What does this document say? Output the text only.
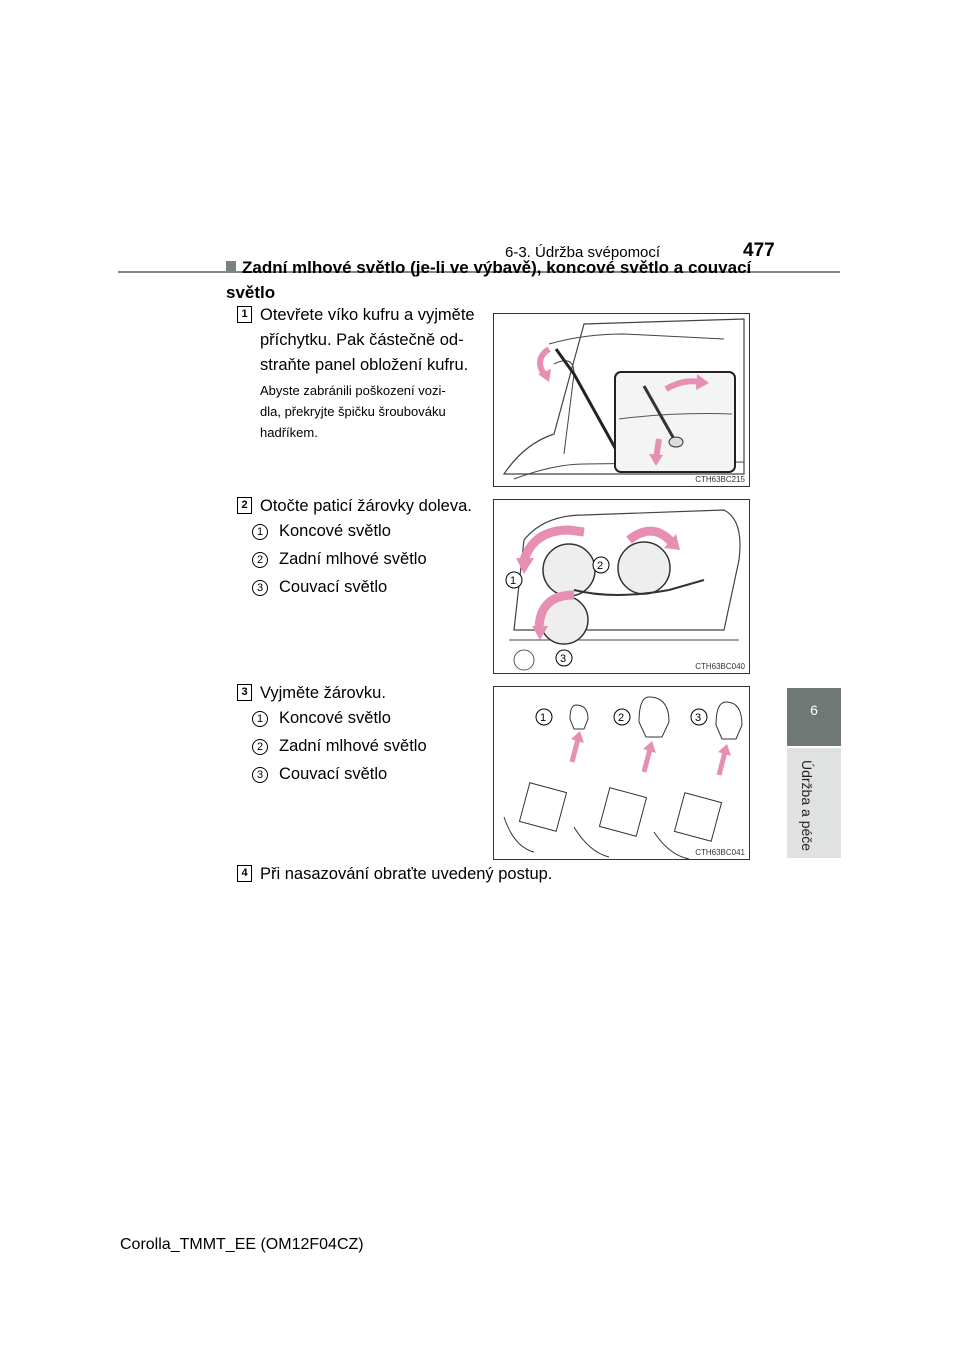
6-3. Údržba svépomocí	477
6
Údržba a péče
Zadní mlhové světlo (je-li ve výbavě), koncové světlo a couvací světlo
1 Otevřete víko kufru a vyjměte
příchytku. Pak částečně od-
straňte panel obložení kufru.
Abyste zabránili poškození vozi-
dla, překryjte špičku šroubováku
hadříkem.
CTH63BC215
2 Otočte paticí žárovky doleva.
1 Koncové světlo
2 Zadní mlhové světlo
3 Couvací světlo	1
2
3
CTH63BC040
3 Vyjměte žárovku.
1 Koncové světlo
2 Zadní mlhové světlo
3 Couvací světlo
1	2	3
CTH63BC041
4 Při nasazování obraťte uvedený postup.
Corolla_TMMT_EE (OM12F04CZ)
